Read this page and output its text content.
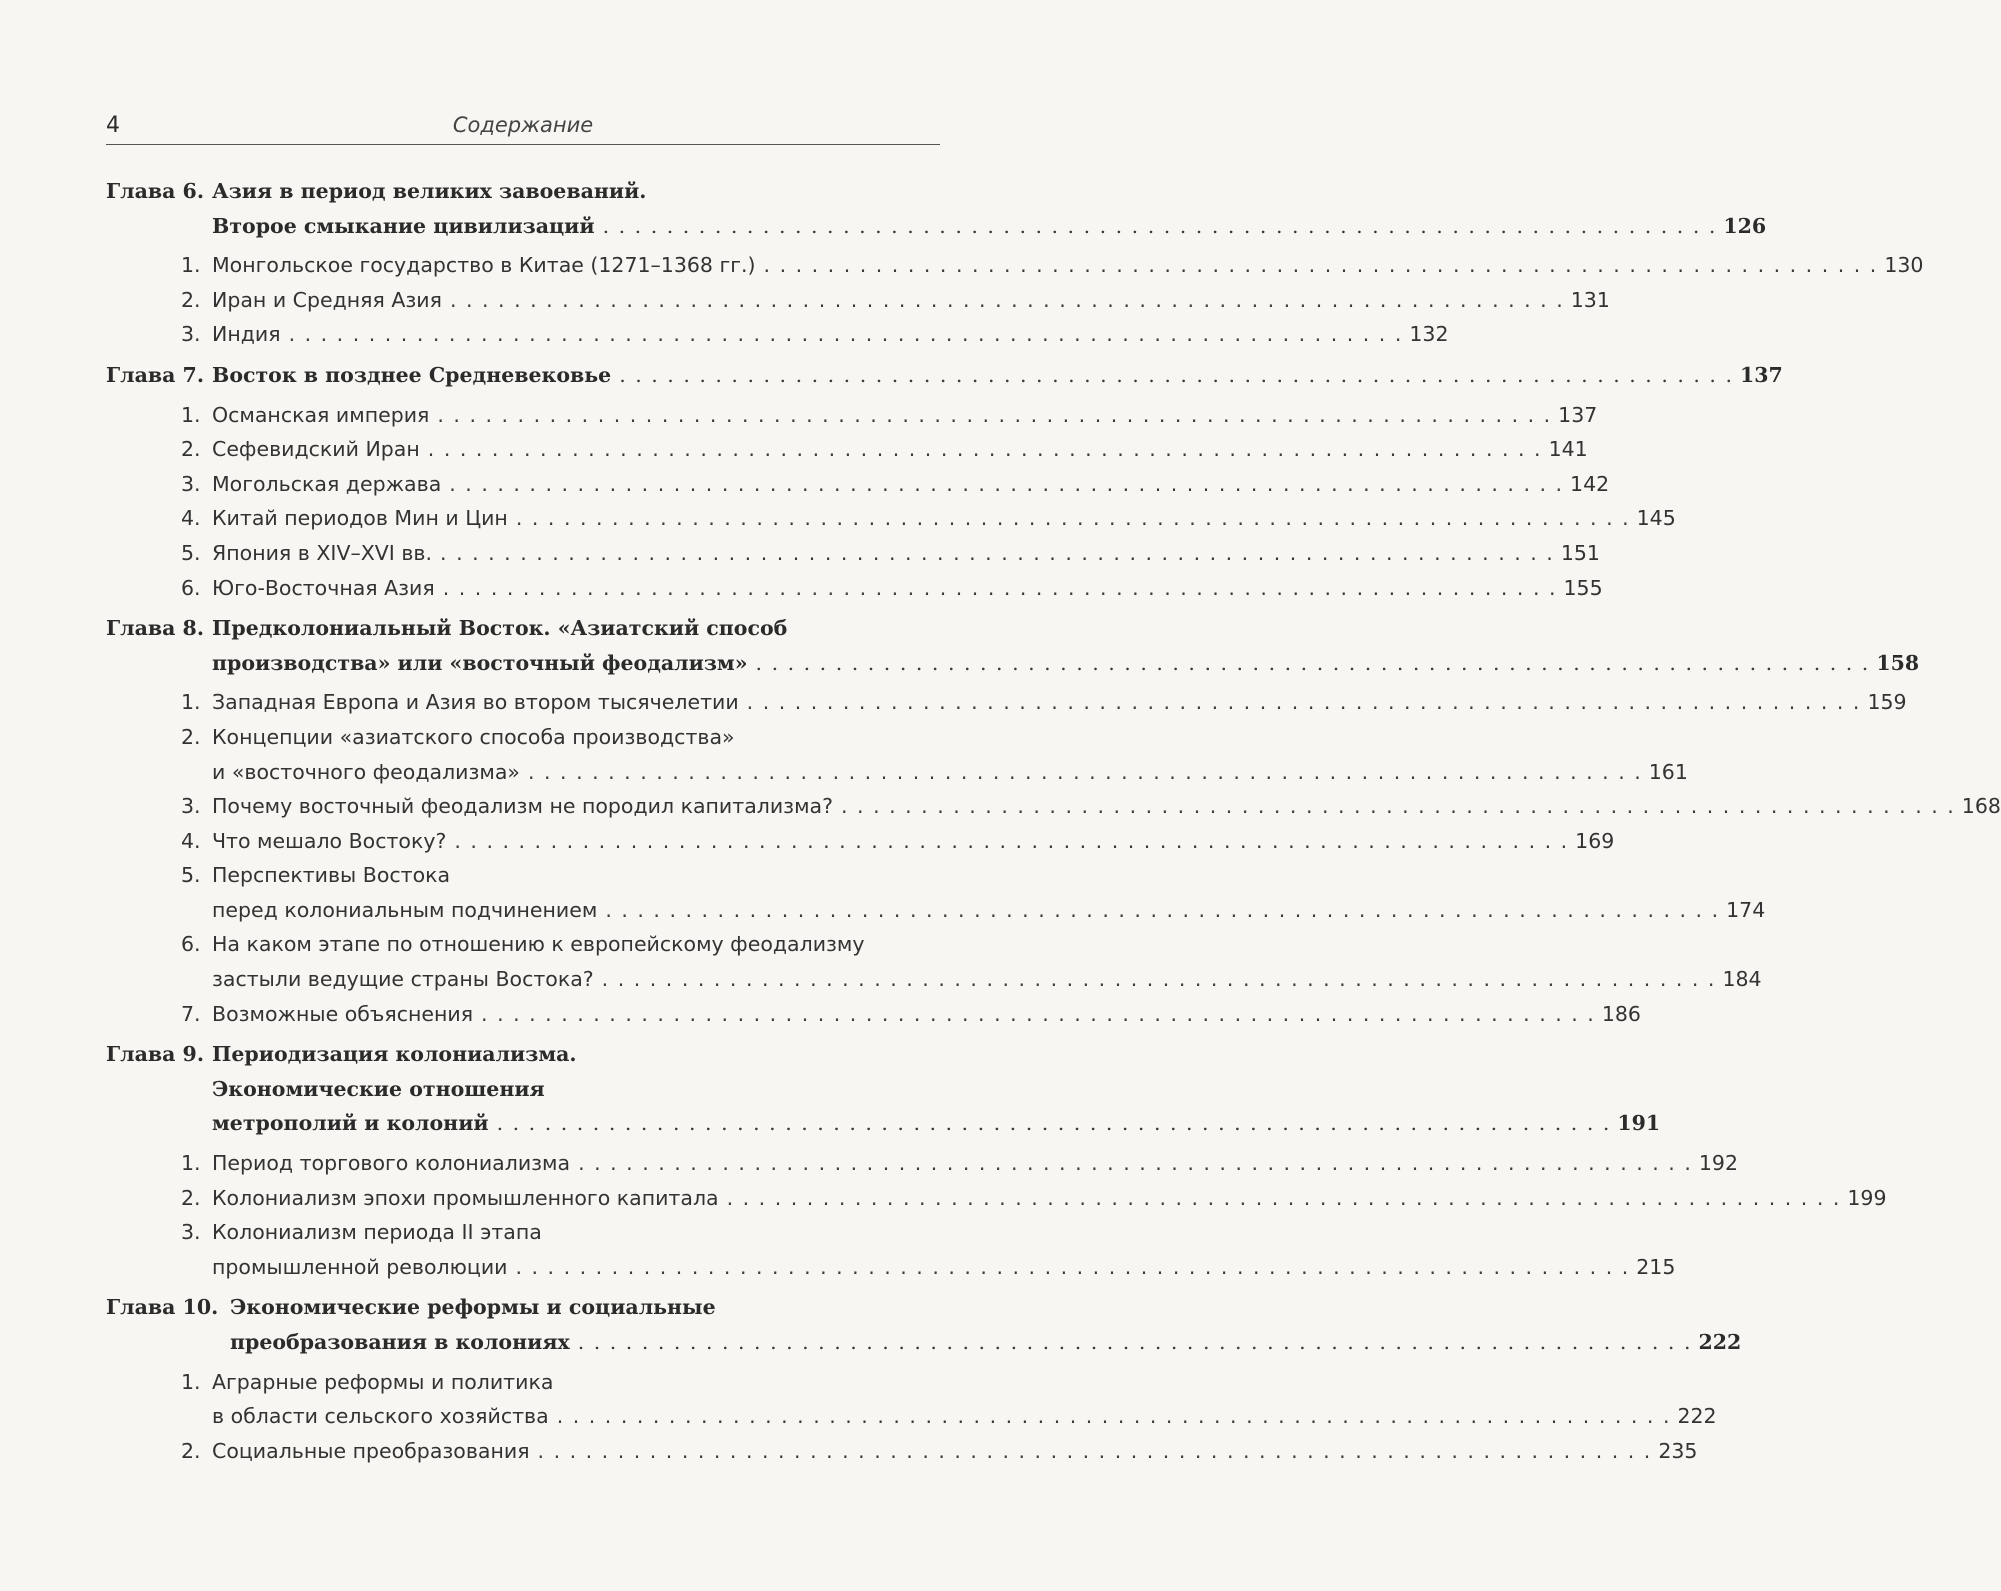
4	Содержание
Глава 6. Азия в период великих завоеваний.
Второе смыкание цивилизаций . . .	126
1. Монгольское государство в Китае (1271–1368 гг.) . . .	130
2. Иран и Средняя Азия . . .	131
3. Индия . . .	132
Глава 7. Восток в позднее Средневековье . . .	137
1. Османская империя . . .	137
2. Сефевидский Иран . . .	141
3. Могольская держава . . .	142
4. Китай периодов Мин и Цин . . .	145
5. Япония в XIV–XVI вв. . . .	151
6. Юго-Восточная Азия . . .	155
Глава 8. Предколониальный Восток. «Азиатский способ
производства» или «восточный феодализм» . . .	158
1. Западная Европа и Азия во втором тысячелетии . . .	159
2. Концепции «азиатского способа производства»
и «восточного феодализма» . . .	161
3. Почему восточный феодализм не породил капитализма? . . .	168
4. Что мешало Востоку? . . .	169
5. Перспективы Востока
перед колониальным подчинением . . .	174
6. На каком этапе по отношению к европейскому феодализму
застыли ведущие страны Востока? . . .	184
7. Возможные объяснения . . .	186
Глава 9. Периодизация колониализма.
Экономические отношения
метрополий и колоний . . .	191
1. Период торгового колониализма . . .	192
2. Колониализм эпохи промышленного капитала . . .	199
3. Колониализм периода II этапа
промышленной революции . . .	215
Глава 10. Экономические реформы и социальные
преобразования в колониях . . .	222
1. Аграрные реформы и политика
в области сельского хозяйства . . .	222
2. Социальные преобразования . . .	235
